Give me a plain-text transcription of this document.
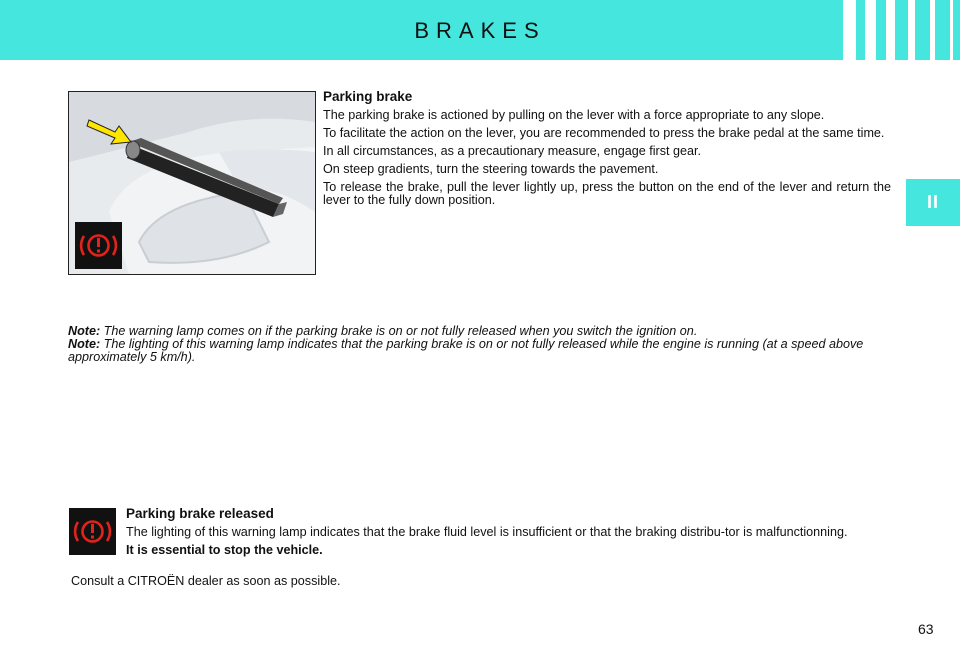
BRAKES
II
Parking brake

The parking brake is actioned by pulling on the lever with a force appropriate to any slope.

To facilitate the action on the lever, you are recommended to press the brake pedal at the same time.

In all circumstances, as a precautionary measure, engage first gear.

On steep gradients, turn the steering towards the pavement.

To release the brake, pull the lever lightly up, press the button on the end of the lever and return the lever to the fully down position.

Note: The warning lamp comes on if the parking brake is on or not fully released when you switch the ignition on.

Note: The lighting of this warning lamp indicates that the parking brake is on or not fully released while the engine is running (at a speed above approximately 5 km/h).

Parking brake released

The lighting of this warning lamp indicates that the brake fluid level is insufficient or that the braking distribu-tor is malfunctionning.

It is essential to stop the vehicle.

Consult a CITROËN dealer as soon as possible.
63
